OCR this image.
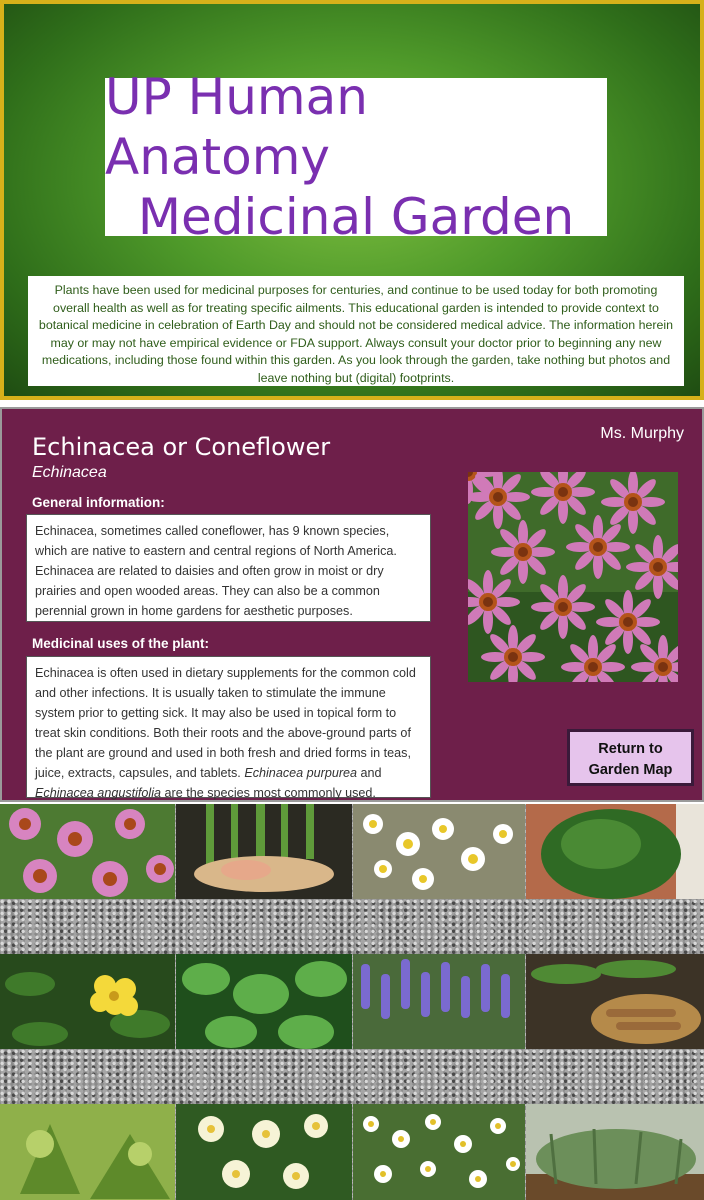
UP Human Anatomy
Medicinal Garden
Plants have been used for medicinal purposes for centuries, and continue to be used today for both promoting overall health as well as for treating specific ailments. This educational garden is intended to provide context to botanical medicine in celebration of Earth Day and should not be considered medical advice. The information herein may or may not have empirical evidence or FDA support. Always consult your doctor prior to beginning any new medications, including those found within this garden. As you look through the garden, take nothing but photos and leave nothing but (digital) footprints.
Ms. Murphy
Echinacea or Coneflower
Echinacea
General information:
Echinacea, sometimes called coneflower, has 9 known species, which are native to eastern and central regions of North America. Echinacea are related to daisies and often grow in moist or dry prairies and open wooded areas. They can also be a common perennial grown in home gardens for aesthetic purposes.
Medicinal uses of the plant:
Echinacea is often used in dietary supplements for the common cold and other infections. It is usually taken to stimulate the immune system prior to getting sick. It may also be used in topical form to treat skin conditions. Both their roots and the above-ground parts of the plant are ground and used in both fresh and dried forms in teas, juice, extracts, capsules, and tablets. Echinacea purpurea and Echinacea angustifolia are the species most commonly used.
Return to
Garden Map
